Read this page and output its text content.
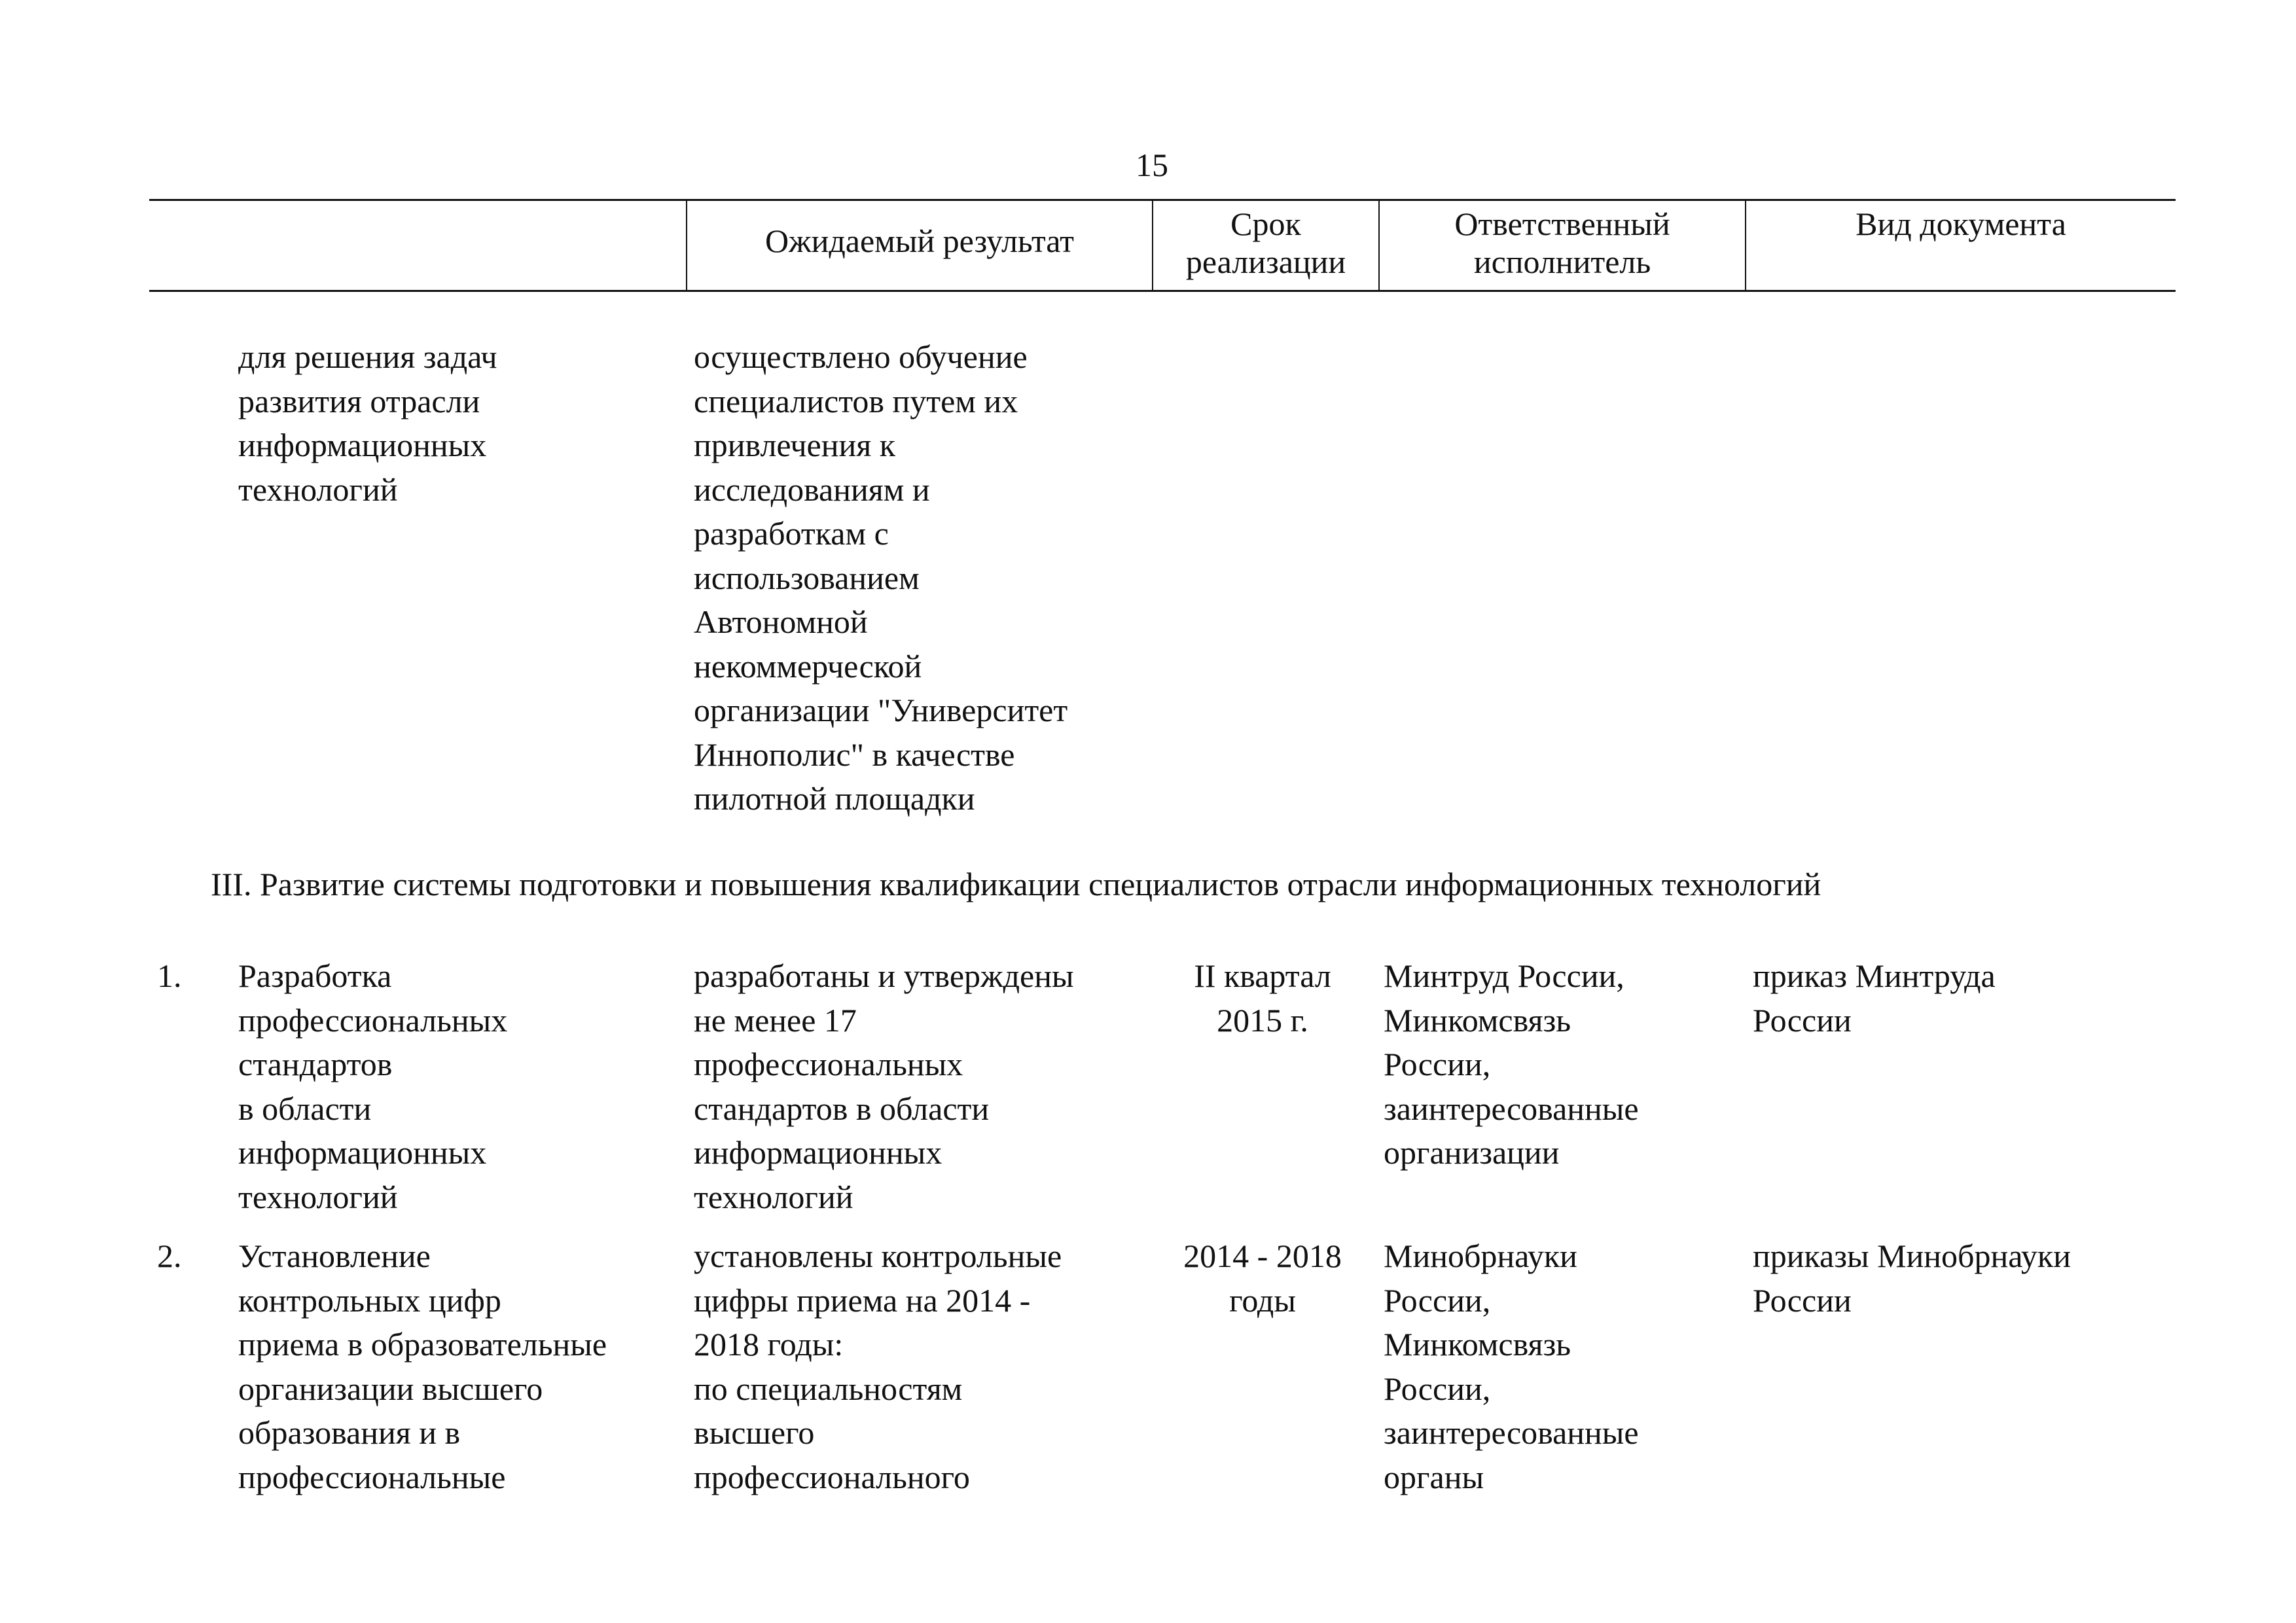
15
Ожидаемый результат	Срок
реализации
Ответственный
исполнитель
Вид документа
для решения задач
развития отрасли
информационных
технологий
осуществлено обучение
специалистов путем их
привлечения к
исследованиям и
разработкам с
использованием
Автономной
некоммерческой
организации "Университет
Иннополис" в качестве
пилотной площадки
III. Развитие системы подготовки и повышения квалификации специалистов отрасли информационных технологий
1. Разработка
профессиональных
стандартов
в области
информационных
технологий
разработаны и утверждены
не менее 17
профессиональных
стандартов в области
информационных
технологий
II квартал
2015 г.
Минтруд России,
Минкомсвязь
России,
заинтересованные
организации
приказ Минтруда
России
2. Установление
контрольных цифр
приема в образовательные
организации высшего
образования и в
профессиональные
установлены контрольные
цифры приема на 2014 -
2018 годы:
по специальностям
высшего
профессионального
2014 - 2018
годы
Минобрнауки
России,
Минкомсвязь
России,
заинтересованные
органы
приказы Минобрнауки
России
